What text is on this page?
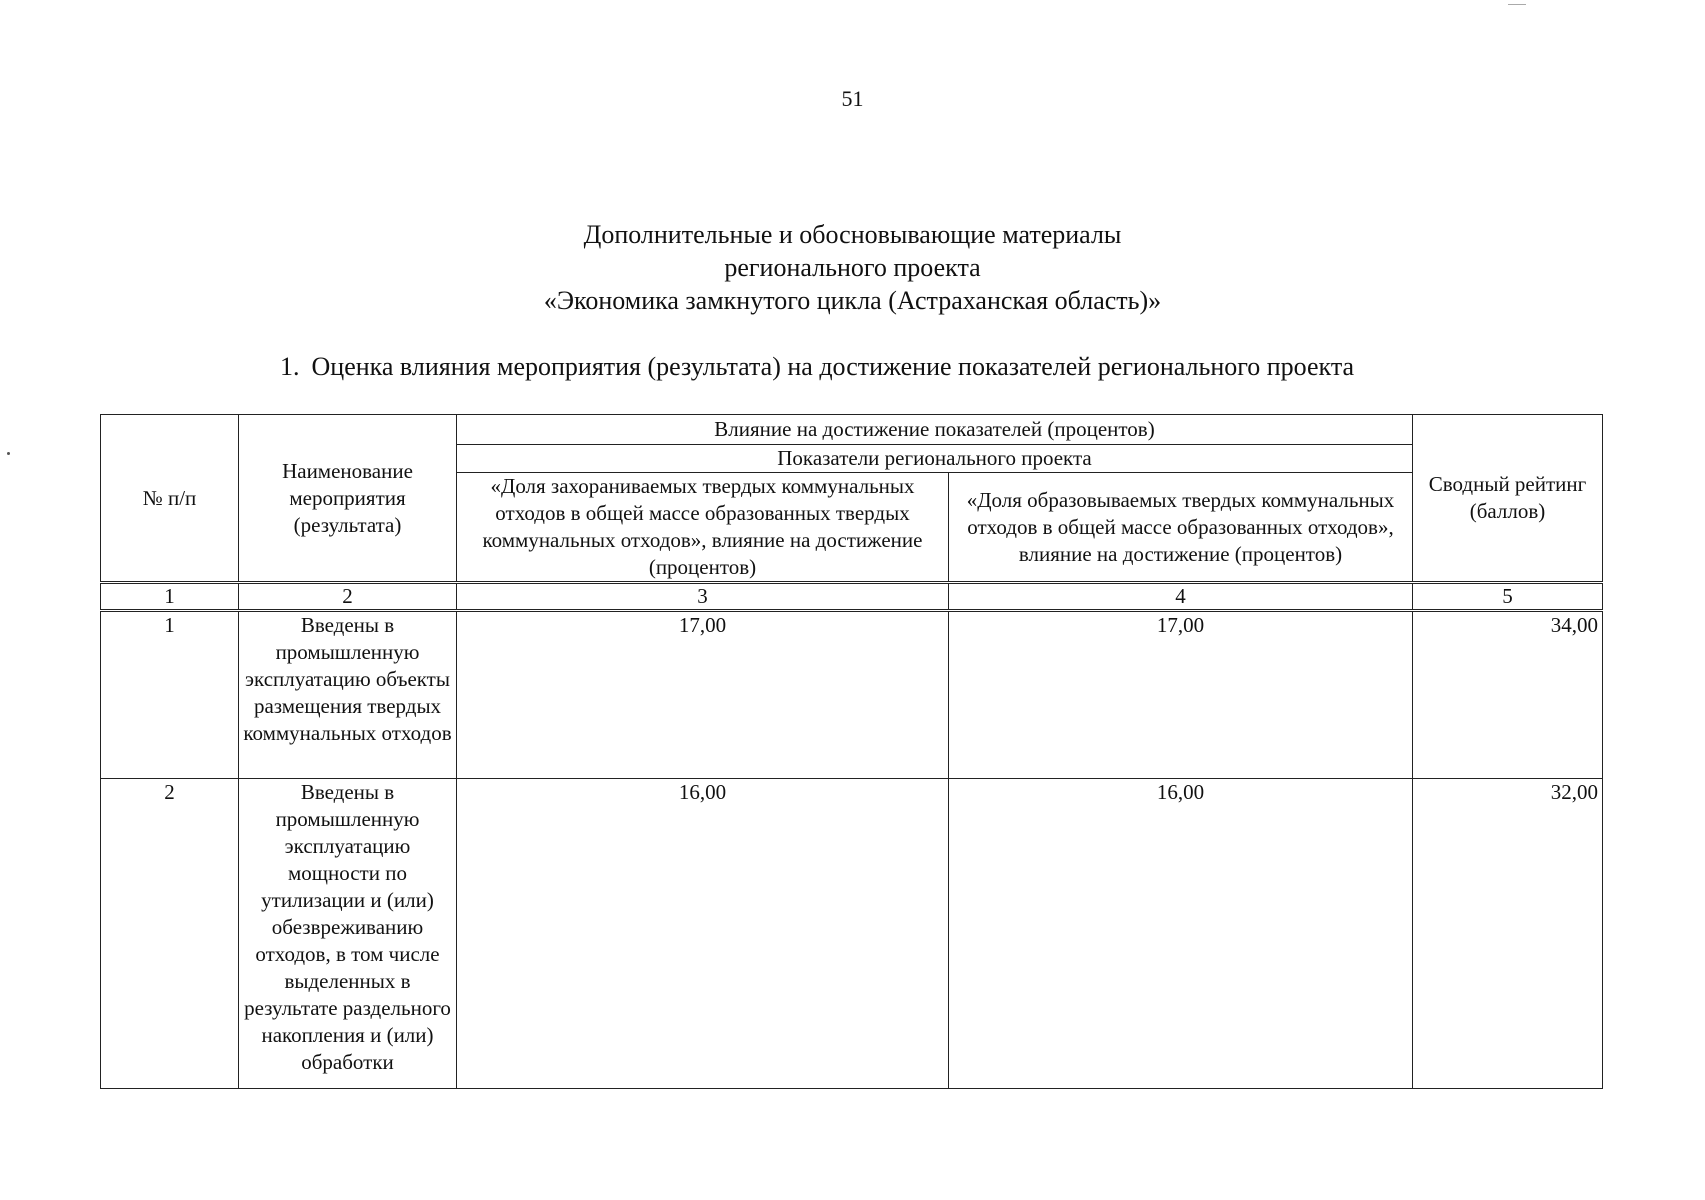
51
Дополнительные и обосновывающие материалы
регионального проекта
«Экономика замкнутого цикла (Астраханская область)»
1. Оценка влияния мероприятия (результата) на достижение показателей регионального проекта
№ п/п	Наименование мероприятия (результата)	Влияние на достижение показателей (процентов)		Сводный рейтинг (баллов)
		Показатели регионального проекта		
		«Доля захораниваемых твердых коммунальных отходов в общей массе образованных твердых коммунальных отходов», влияние на достижение (процентов)	«Доля образовываемых твердых коммунальных отходов в общей массе образованных отходов», влияние на достижение (процентов)	
1	2	3	4	5
1	Введены в промышленную эксплуатацию объекты размещения твердых коммунальных отходов	17,00	17,00	34,00
2	Введены в промышленную эксплуатацию мощности по утилизации и (или) обезвреживанию отходов, в том числе выделенных в результате раздельного накопления и (или) обработки	16,00	16,00	32,00
